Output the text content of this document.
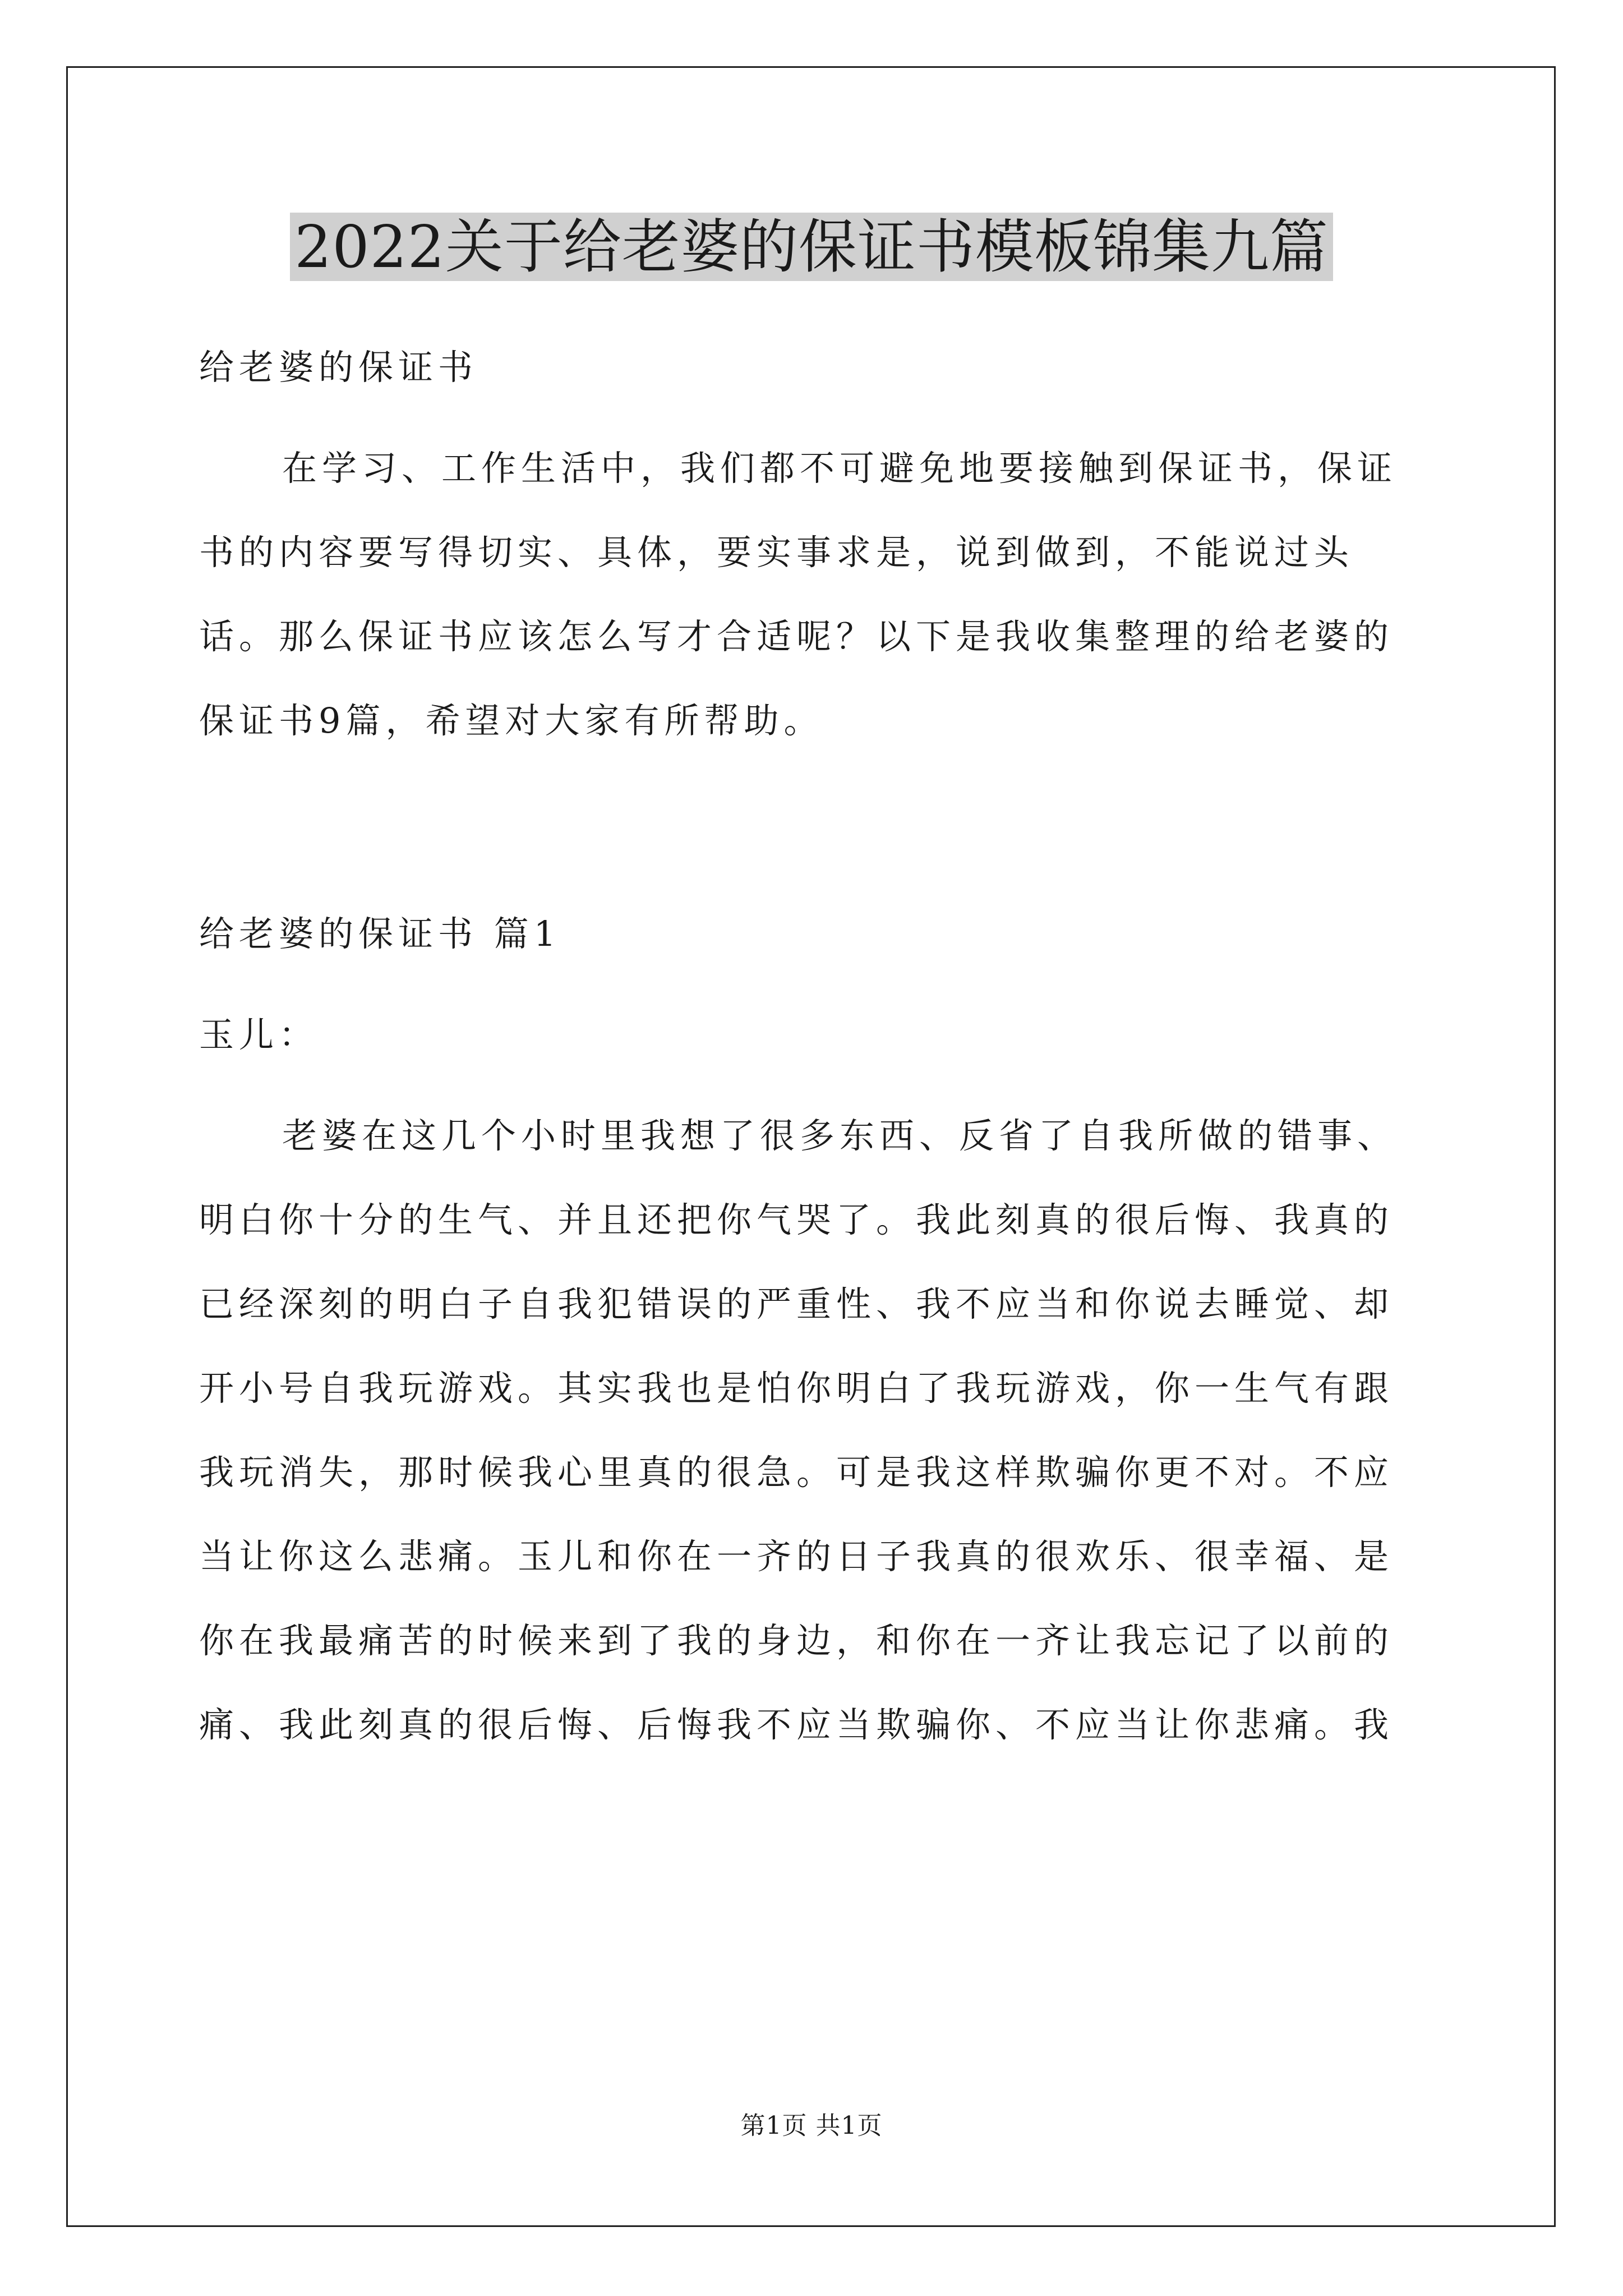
2022关于给老婆的保证书模板锦集九篇

给老婆的保证书

在学习、工作生活中，我们都不可避免地要接触到保证书，保证书的内容要写得切实、具体，要实事求是，说到做到，不能说过头话。那么保证书应该怎么写才合适呢？以下是我收集整理的给老婆的保证书9篇，希望对大家有所帮助。

给老婆的保证书 篇1

玉儿：

老婆在这几个小时里我想了很多东西、反省了自我所做的错事、明白你十分的生气、并且还把你气哭了。我此刻真的很后悔、我真的已经深刻的明白子自我犯错误的严重性、我不应当和你说去睡觉、却开小号自我玩游戏。其实我也是怕你明白了我玩游戏，你一生气有跟我玩消失，那时候我心里真的很急。可是我这样欺骗你更不对。不应当让你这么悲痛。玉儿和你在一齐的日子我真的很欢乐、很幸福、是你在我最痛苦的时候来到了我的身边，和你在一齐让我忘记了以前的痛、我此刻真的很后悔、后悔我不应当欺骗你、不应当让你悲痛。我

第1页 共1页
